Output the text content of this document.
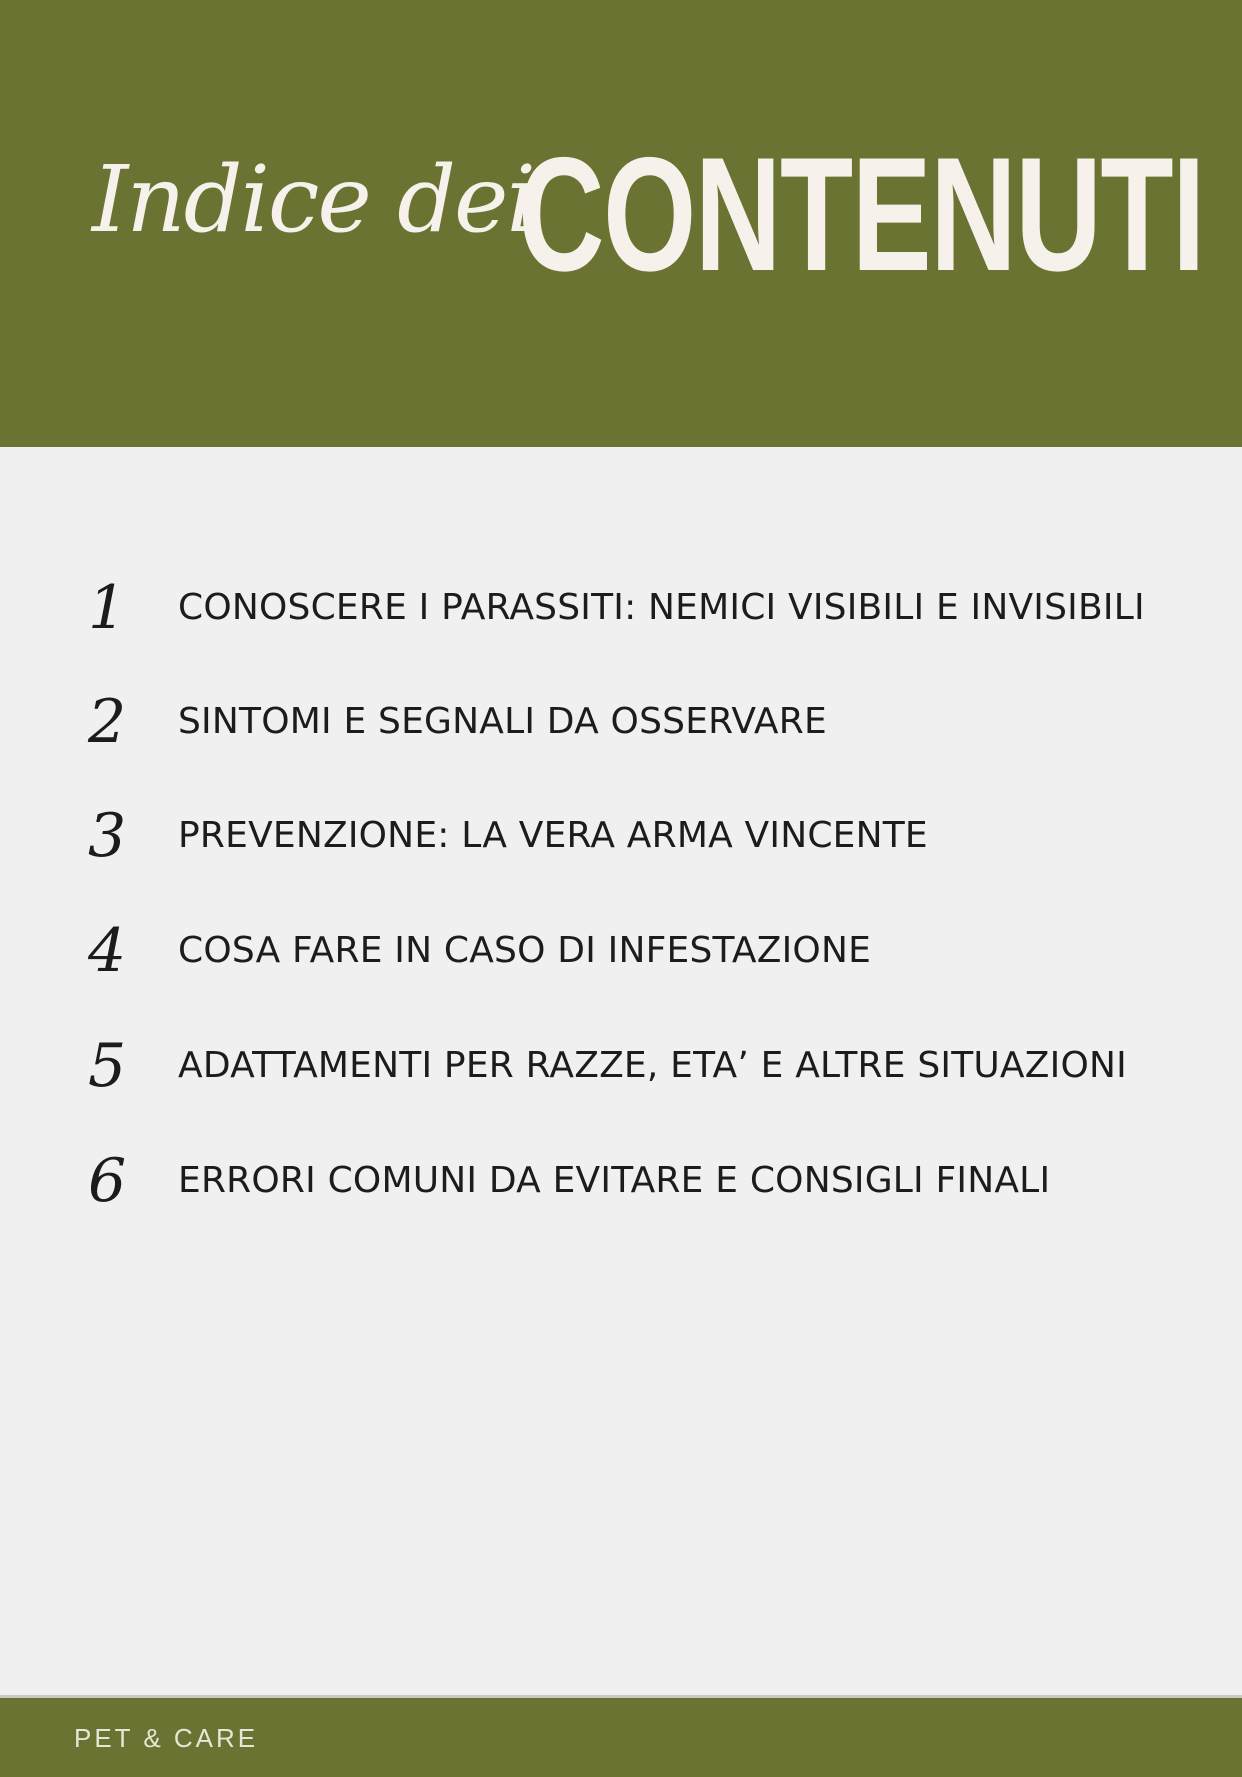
Indice dei
CONTENUTI
1	CONOSCERE I PARASSITI: NEMICI VISIBILI E INVISIBILI
2	SINTOMI E SEGNALI DA OSSERVARE
3	PREVENZIONE: LA VERA ARMA VINCENTE
4	COSA FARE IN CASO DI INFESTAZIONE
5	ADATTAMENTI PER RAZZE, ETA’ E ALTRE SITUAZIONI
6	ERRORI COMUNI DA EVITARE E CONSIGLI FINALI
PET & CARE
